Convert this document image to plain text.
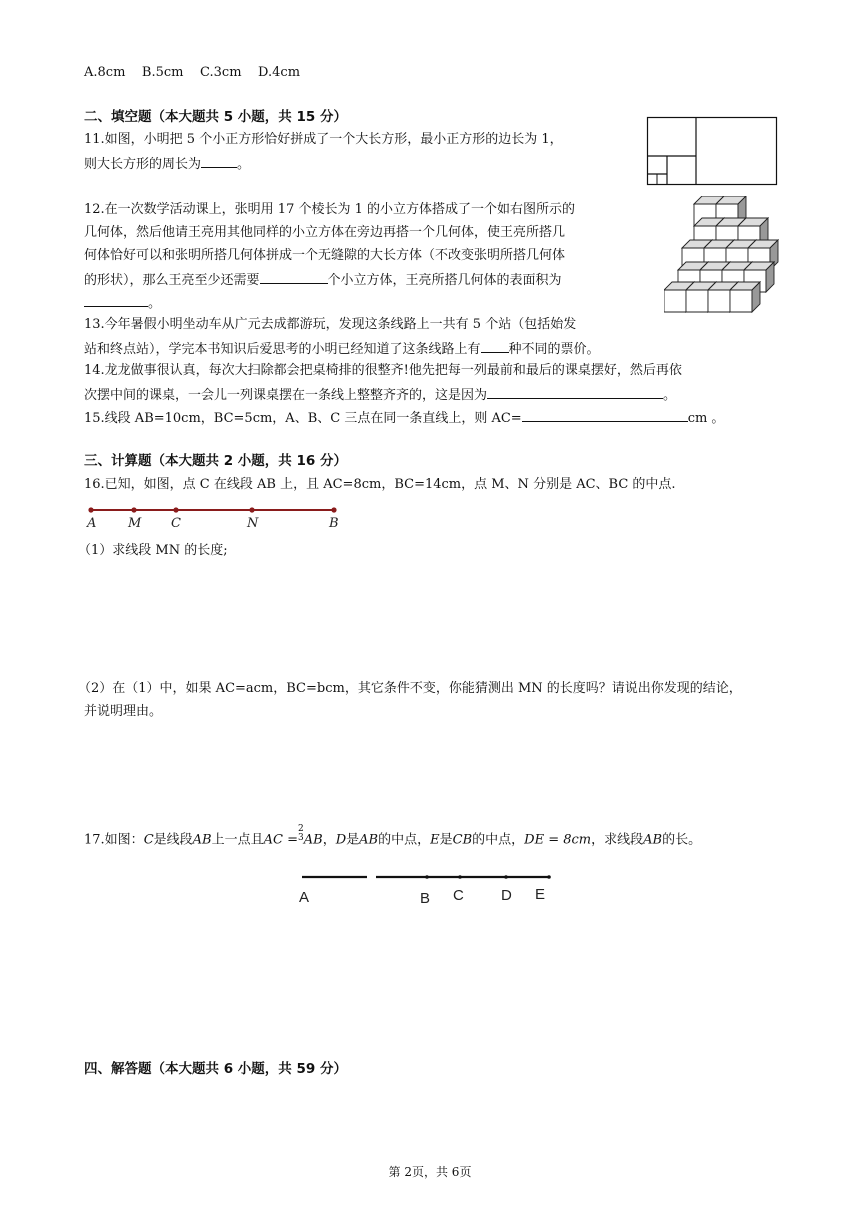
A.8cm    B.5cm    C.3cm    D.4cm
二、填空题（本大题共 5 小题，共 15 分）
11.如图，小明把 5 个小正方形恰好拼成了一个大长方形，最小正方形的边长为 1，
则大长方形的周长为	。
12.在一次数学活动课上，张明用 17 个棱长为 1 的小立方体搭成了一个如右图所示的
几何体，然后他请王亮用其他同样的小立方体在旁边再搭一个几何体，使王亮所搭几
何体恰好可以和张明所搭几何体拼成一个无缝隙的大长方体（不改变张明所搭几何体
的形状），那么王亮至少还需要	个小立方体，王亮所搭几何体的表面积为
。
13.今年暑假小明坐动车从广元去成都游玩，发现这条线路上一共有 5 个站（包括始发
站和终点站），学完本书知识后爱思考的小明已经知道了这条线路上有 种不同的票价。
14.龙龙做事很认真，每次大扫除都会把桌椅排的很整齐!他先把每一列最前和最后的课桌摆好，然后再依
次摆中间的课桌，一会儿一列课桌摆在一条线上整整齐齐的，这是因为	。
15.线段 AB=10cm，BC=5cm，A、B、C 三点在同一条直线上，则 AC=	cm 。
三、计算题（本大题共 2 小题，共 16 分）
16.已知，如图，点 C 在线段 AB 上，且 AC=8cm，BC=14cm，点 M、N 分别是 AC、BC 的中点.
A M C	N	B
（1）求线段 MN 的长度;
（2）在（1）中，如果 AC=acm，BC=bcm，其它条件不变，你能猜测出 MN 的长度吗？请说出你发现的结论，
并说明理由。
17.如图：C是线段AB上一点且AC =
2
3 AB，D是AB的中点，E是CB的中点，DE = 8cm，求线段AB的长。
A	B C D E
四、解答题（本大题共 6 小题，共 59 分）
第 2页，共 6页
